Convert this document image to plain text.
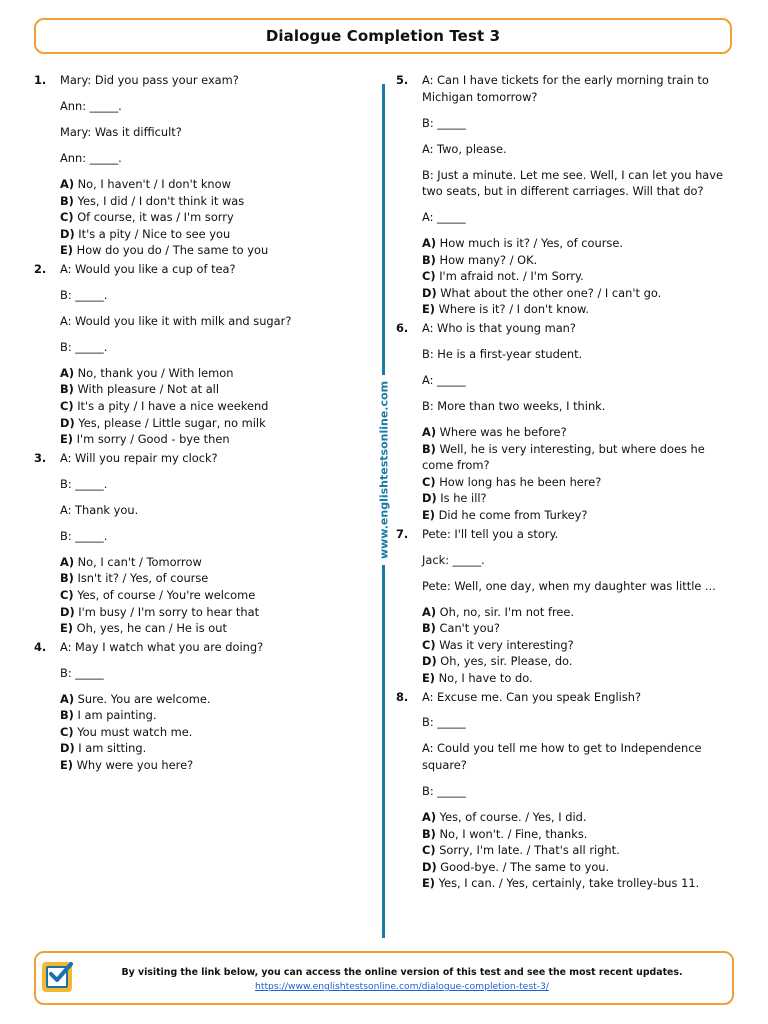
Dialogue Completion Test 3
1.	Mary: Did you pass your exam?
Ann: _____.
Mary: Was it difficult?
Ann: _____.
A) No, I haven't / I don't know
B) Yes, I did / I don't think it was
C) Of course, it was / I'm sorry
D) It's a pity / Nice to see you
E) How do you do / The same to you
2.	A: Would you like a cup of tea?
B: _____.
A: Would you like it with milk and sugar?
B: _____.
A) No, thank you / With lemon
B) With pleasure / Not at all
C) It's a pity / I have a nice weekend
D) Yes, please / Little sugar, no milk
E) I'm sorry / Good - bye then
3.	A: Will you repair my clock?
B: _____.
A: Thank you.
B: _____.
A) No, I can't / Tomorrow
B) Isn't it? / Yes, of course
C) Yes, of course / You're welcome
D) I'm busy / I'm sorry to hear that
E) Oh, yes, he can / He is out
4.	A: May I watch what you are doing?
B: _____
A) Sure. You are welcome.
B) I am painting.
C) You must watch me.
D) I am sitting.
E) Why were you here?
www.englishtestsonline.com
5.	A: Can I have tickets for the early morning train to Michigan tomorrow?
B: _____
A: Two, please.
B: Just a minute. Let me see. Well, I can let you have two seats, but in different carriages. Will that do?
A: _____
A) How much is it? / Yes, of course.
B) How many? / OK.
C) I'm afraid not. / I'm Sorry.
D) What about the other one? / I can't go.
E) Where is it? / I don't know.
6.	A: Who is that young man?
B: He is a first-year student.
A: _____
B: More than two weeks, I think.
A) Where was he before?
B) Well, he is very interesting, but where does he come from?
C) How long has he been here?
D) Is he ill?
E) Did he come from Turkey?
7.	Pete: I'll tell you a story.
Jack: _____.
Pete: Well, one day, when my daughter was little ...
A) Oh, no, sir. I'm not free.
B) Can't you?
C) Was it very interesting?
D) Oh, yes, sir. Please, do.
E) No, I have to do.
8.	A: Excuse me. Can you speak English?
B: _____
A: Could you tell me how to get to Independence square?
B: _____
A) Yes, of course. / Yes, I did.
B) No, I won't. / Fine, thanks.
C) Sorry, I'm late. / That's all right.
D) Good-bye. / The same to you.
E) Yes, I can. / Yes, certainly, take trolley-bus 11.
By visiting the link below, you can access the online version of this test and see the most recent updates.
https://www.englishtestsonline.com/dialogue-completion-test-3/
